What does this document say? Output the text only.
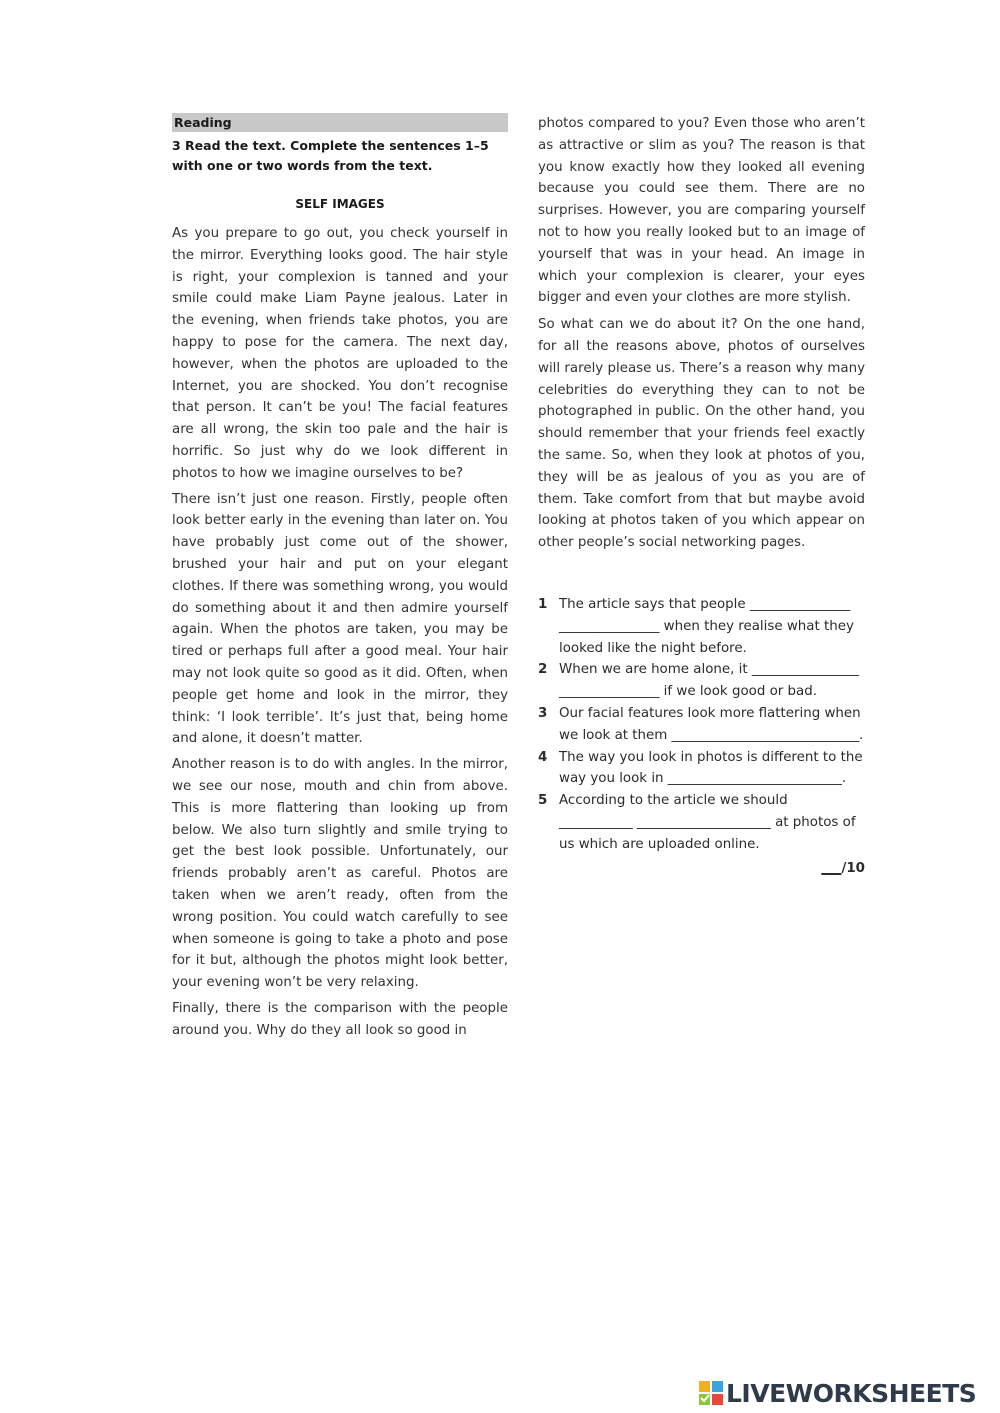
Reading
3 Read the text. Complete the sentences 1–5 with one or two words from the text.
SELF IMAGES

As you prepare to go out, you check yourself in the mirror. Everything looks good. The hair style is right, your complexion is tanned and your smile could make Liam Payne jealous. Later in the evening, when friends take photos, you are happy to pose for the camera. The next day, however, when the photos are uploaded to the Internet, you are shocked. You don’t recognise that person. It can’t be you! The facial features are all wrong, the skin too pale and the hair is horrific. So just why do we look different in photos to how we imagine ourselves to be?

There isn’t just one reason. Firstly, people often look better early in the evening than later on. You have probably just come out of the shower, brushed your hair and put on your elegant clothes. If there was something wrong, you would do something about it and then admire yourself again. When the photos are taken, you may be tired or perhaps full after a good meal. Your hair may not look quite so good as it did. Often, when people get home and look in the mirror, they think: ‘I look terrible’. It’s just that, being home and alone, it doesn’t matter.

Another reason is to do with angles. In the mirror, we see our nose, mouth and chin from above. This is more flattering than looking up from below. We also turn slightly and smile trying to get the best look possible. Unfortunately, our friends probably aren’t as careful. Photos are taken when we aren’t ready, often from the wrong position. You could watch carefully to see when someone is going to take a photo and pose for it but, although the photos might look better, your evening won’t be very relaxing.

Finally, there is the comparison with the people around you. Why do they all look so good in

photos compared to you? Even those who aren’t as attractive or slim as you? The reason is that you know exactly how they looked all evening because you could see them. There are no surprises. However, you are comparing yourself not to how you really looked but to an image of yourself that was in your head. An image in which your complexion is clearer, your eyes bigger and even your clothes are more stylish.

So what can we do about it? On the one hand, for all the reasons above, photos of ourselves will rarely please us. There’s a reason why many celebrities do everything they can to not be photographed in public. On the other hand, you should remember that your friends feel exactly the same. So, when they look at photos of you, they will be as jealous of you as you are of them. Take comfort from that but maybe avoid looking at photos taken of you which appear on other people’s social networking pages.

1 The article says that people _______________ _______________ when they realise what they looked like the night before.
2 When we are home alone, it ________________ _______________ if we look good or bad.
3 Our facial features look more flattering when we look at them ____________________________.
4 The way you look in photos is different to the way you look in __________________________.
5 According to the article we should ___________ ____________________ at photos of us which are uploaded online.
___/10
LIVEWORKSHEETS
